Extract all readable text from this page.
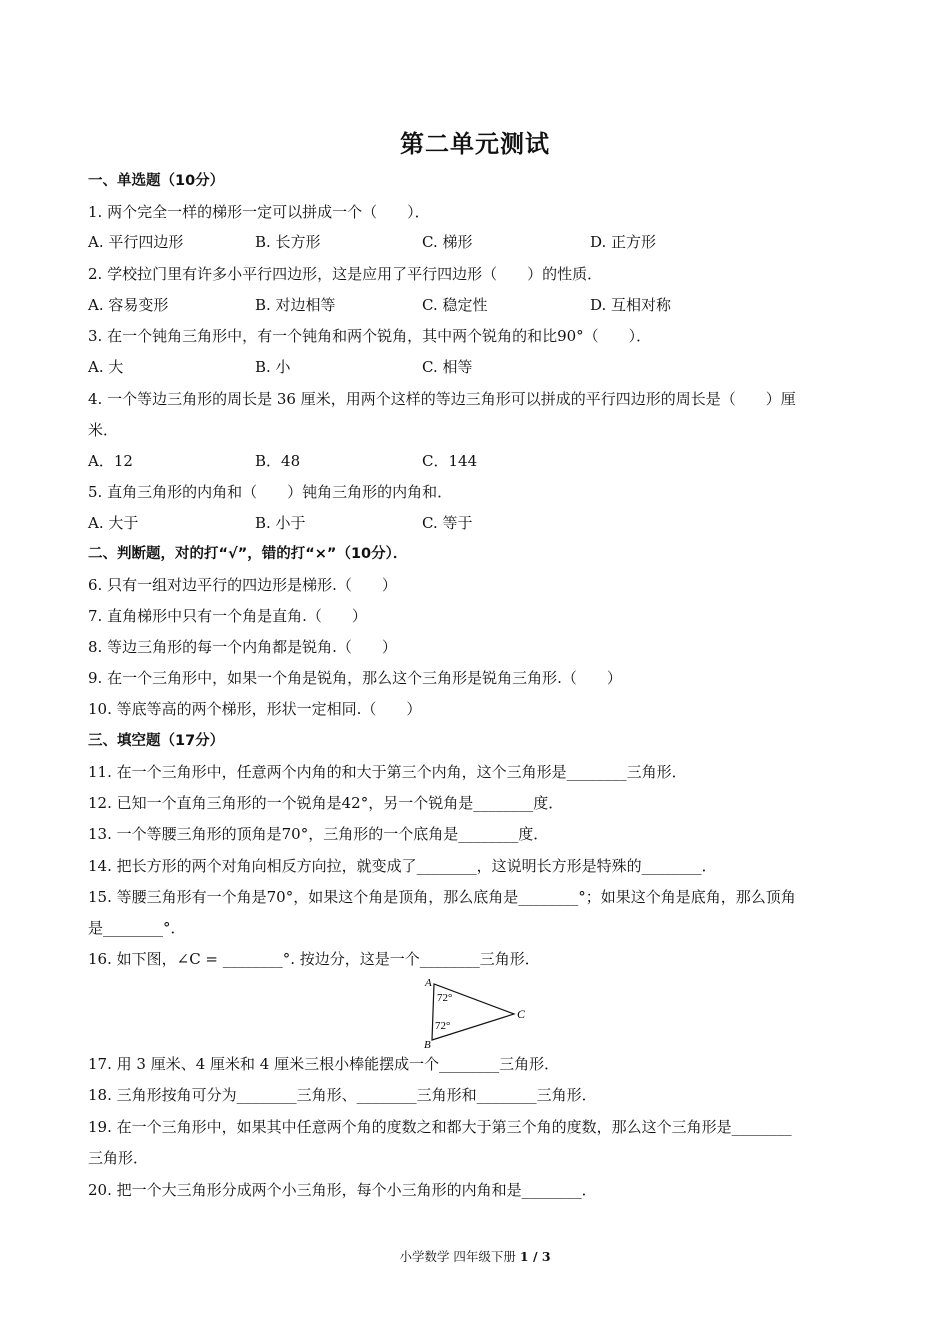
第二单元测试
一、单选题（10分）
1. 两个完全一样的梯形一定可以拼成一个（　　）．
A. 平行四边形	B. 长方形	C. 梯形	D. 正方形
2. 学校拉门里有许多小平行四边形，这是应用了平行四边形（　　）的性质．
A. 容易变形	B. 对边相等	C. 稳定性	D. 互相对称
3. 在一个钝角三角形中，有一个钝角和两个锐角，其中两个锐角的和比90°（　　）．
A. 大	B. 小	C. 相等
4. 一个等边三角形的周长是 36 厘米，用两个这样的等边三角形可以拼成的平行四边形的周长是（　　）厘
米．
A．12	B．48	C．144
5. 直角三角形的内角和（　　）钝角三角形的内角和．
A. 大于	B. 小于	C. 等于
二、判断题，对的打“√”，错的打“×”（10分）．
6. 只有一组对边平行的四边形是梯形.（　　）
7. 直角梯形中只有一个角是直角.（　　）
8. 等边三角形的每一个内角都是锐角.（　　）
9. 在一个三角形中，如果一个角是锐角，那么这个三角形是锐角三角形.（　　）
10. 等底等高的两个梯形，形状一定相同.（　　）
三、填空题（17分）
11. 在一个三角形中，任意两个内角的和大于第三个内角，这个三角形是________三角形．
12. 已知一个直角三角形的一个锐角是42°，另一个锐角是________度．
13. 一个等腰三角形的顶角是70°，三角形的一个底角是________度．
14. 把长方形的两个对角向相反方向拉，就变成了________，这说明长方形是特殊的________．
15. 等腰三角形有一个角是70°，如果这个角是顶角，那么底角是________°；如果这个角是底角，那么顶角
是________°．
16. 如下图，∠C = ________°. 按边分，这是一个________三角形．
A
B
C
72°
72°
17. 用 3 厘米、4 厘米和 4 厘米三根小棒能摆成一个________三角形．
18. 三角形按角可分为________三角形、________三角形和________三角形．
19. 在一个三角形中，如果其中任意两个角的度数之和都大于第三个角的度数，那么这个三角形是________
三角形．
20. 把一个大三角形分成两个小三角形，每个小三角形的内角和是________．
小学数学 四年级下册 1 / 3
